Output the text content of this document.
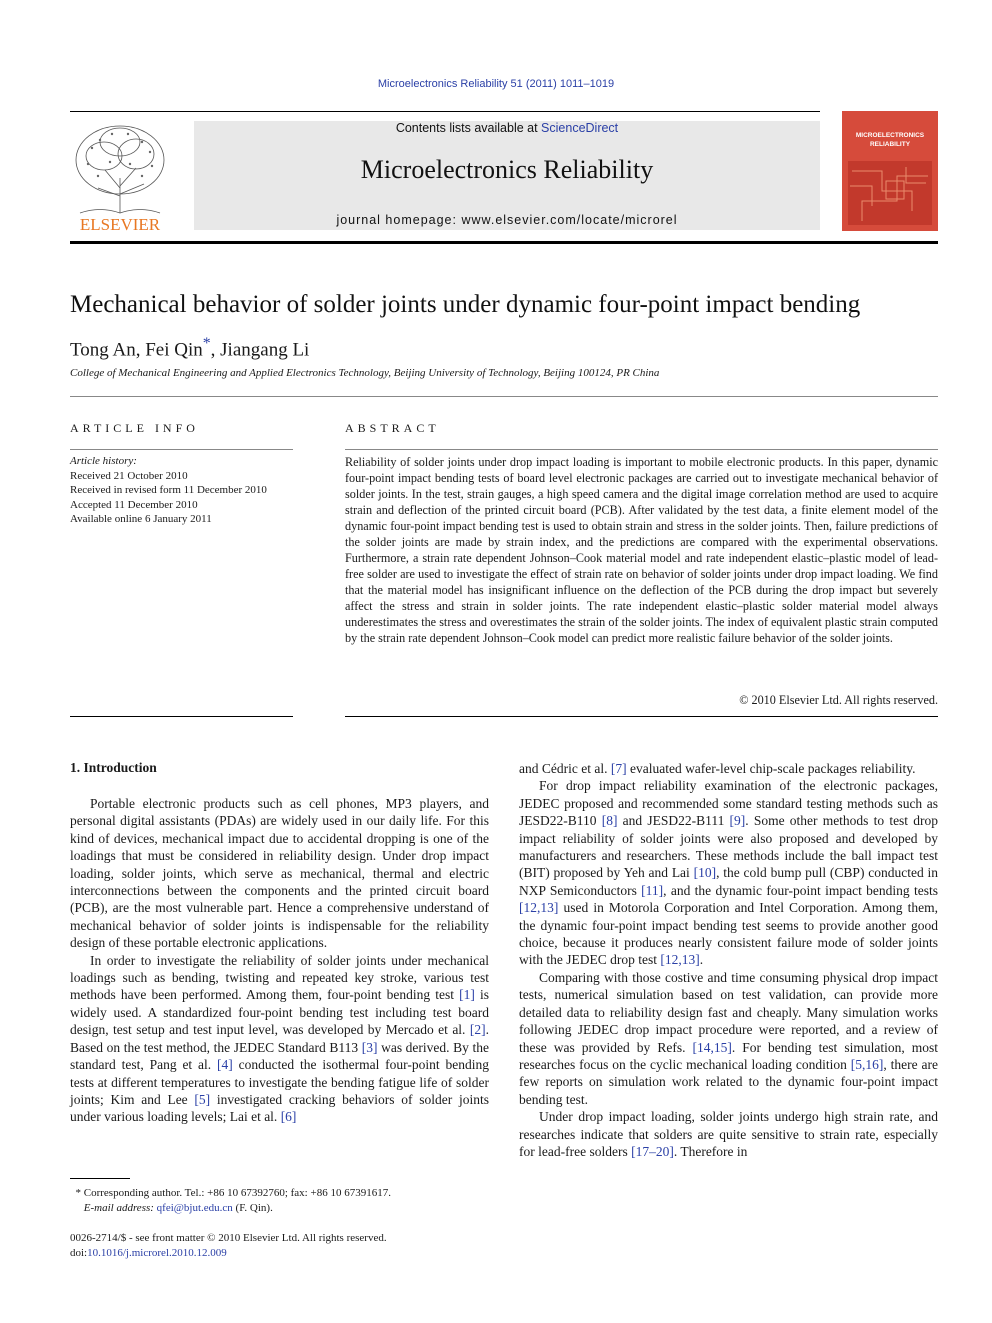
Microelectronics Reliability 51 (2011) 1011–1019
ELSEVIER
Contents lists available at ScienceDirect
Microelectronics Reliability
journal homepage: www.elsevier.com/locate/microrel
MICROELECTRONICS
RELIABILITY
Mechanical behavior of solder joints under dynamic four-point impact bending
Tong An, Fei Qin*, Jiangang Li
College of Mechanical Engineering and Applied Electronics Technology, Beijing University of Technology, Beijing 100124, PR China
ARTICLE INFO
Article history:
Received 21 October 2010
Received in revised form 11 December 2010
Accepted 11 December 2010
Available online 6 January 2011
ABSTRACT
Reliability of solder joints under drop impact loading is important to mobile electronic products. In this paper, dynamic four-point impact bending tests of board level electronic packages are carried out to investigate mechanical behavior of solder joints. In the test, strain gauges, a high speed camera and the digital image correlation method are used to acquire strain and deflection of the printed circuit board (PCB). After validated by the test data, a finite element model of the dynamic four-point impact bending test is used to obtain strain and stress in the solder joints. Then, failure predictions of the solder joints are made by strain index, and the predictions are compared with the experimental observations. Furthermore, a strain rate dependent Johnson–Cook material model and rate independent elastic–plastic model of lead-free solder are used to investigate the effect of strain rate on behavior of solder joints under drop impact loading. We find that the material model has insignificant influence on the deflection of the PCB during the drop impact but severely affect the stress and strain in solder joints. The rate independent elastic–plastic solder material model always underestimates the stress and overestimates the strain of the solder joints. The index of equivalent plastic strain computed by the strain rate dependent Johnson–Cook model can predict more realistic failure behavior of the solder joints.
© 2010 Elsevier Ltd. All rights reserved.
1. Introduction

Portable electronic products such as cell phones, MP3 players, and personal digital assistants (PDAs) are widely used in our daily life. For this kind of devices, mechanical impact due to accidental dropping is one of the loadings that must be considered in reliability design. Under drop impact loading, solder joints, which serve as mechanical, thermal and electric interconnections between the components and the printed circuit board (PCB), are the most vulnerable part. Hence a comprehensive understand of mechanical behavior of solder joints is indispensable for the reliability design of these portable electronic applications.

In order to investigate the reliability of solder joints under mechanical loadings such as bending, twisting and repeated key stroke, various test methods have been performed. Among them, four-point bending test [1] is widely used. A standardized four-point bending test including test board design, test setup and test input level, was developed by Mercado et al. [2]. Based on the test method, the JEDEC Standard B113 [3] was derived. By the standard test, Pang et al. [4] conducted the isothermal four-point bending tests at different temperatures to investigate the bending fatigue life of solder joints; Kim and Lee [5] investigated cracking behaviors of solder joints under various loading levels; Lai et al. [6]

and Cédric et al. [7] evaluated wafer-level chip-scale packages reliability.

For drop impact reliability examination of the electronic packages, JEDEC proposed and recommended some standard testing methods such as JESD22-B110 [8] and JESD22-B111 [9]. Some other methods to test drop impact reliability of solder joints were also proposed and developed by manufacturers and researchers. These methods include the ball impact test (BIT) proposed by Yeh and Lai [10], the cold bump pull (CBP) conducted in NXP Semiconductors [11], and the dynamic four-point impact bending tests [12,13] used in Motorola Corporation and Intel Corporation. Among them, the dynamic four-point impact bending test seems to provide another good choice, because it produces nearly consistent failure mode of solder joints with the JEDEC drop test [12,13].

Comparing with those costive and time consuming physical drop impact tests, numerical simulation based on test validation, can provide more detailed data to reliability design fast and cheaply. Many simulation works following JEDEC drop impact procedure were reported, and a review of these was provided by Refs. [14,15]. For bending test simulation, most researches focus on the cyclic mechanical loading condition [5,16], there are few reports on simulation work related to the dynamic four-point impact bending test.

Under drop impact loading, solder joints undergo high strain rate, and researches indicate that solders are quite sensitive to strain rate, especially for lead-free solders [17–20]. Therefore in

* Corresponding author. Tel.: +86 10 67392760; fax: +86 10 67391617.
E-mail address: qfei@bjut.edu.cn (F. Qin).
0026-2714/$ - see front matter © 2010 Elsevier Ltd. All rights reserved.
doi:10.1016/j.microrel.2010.12.009
